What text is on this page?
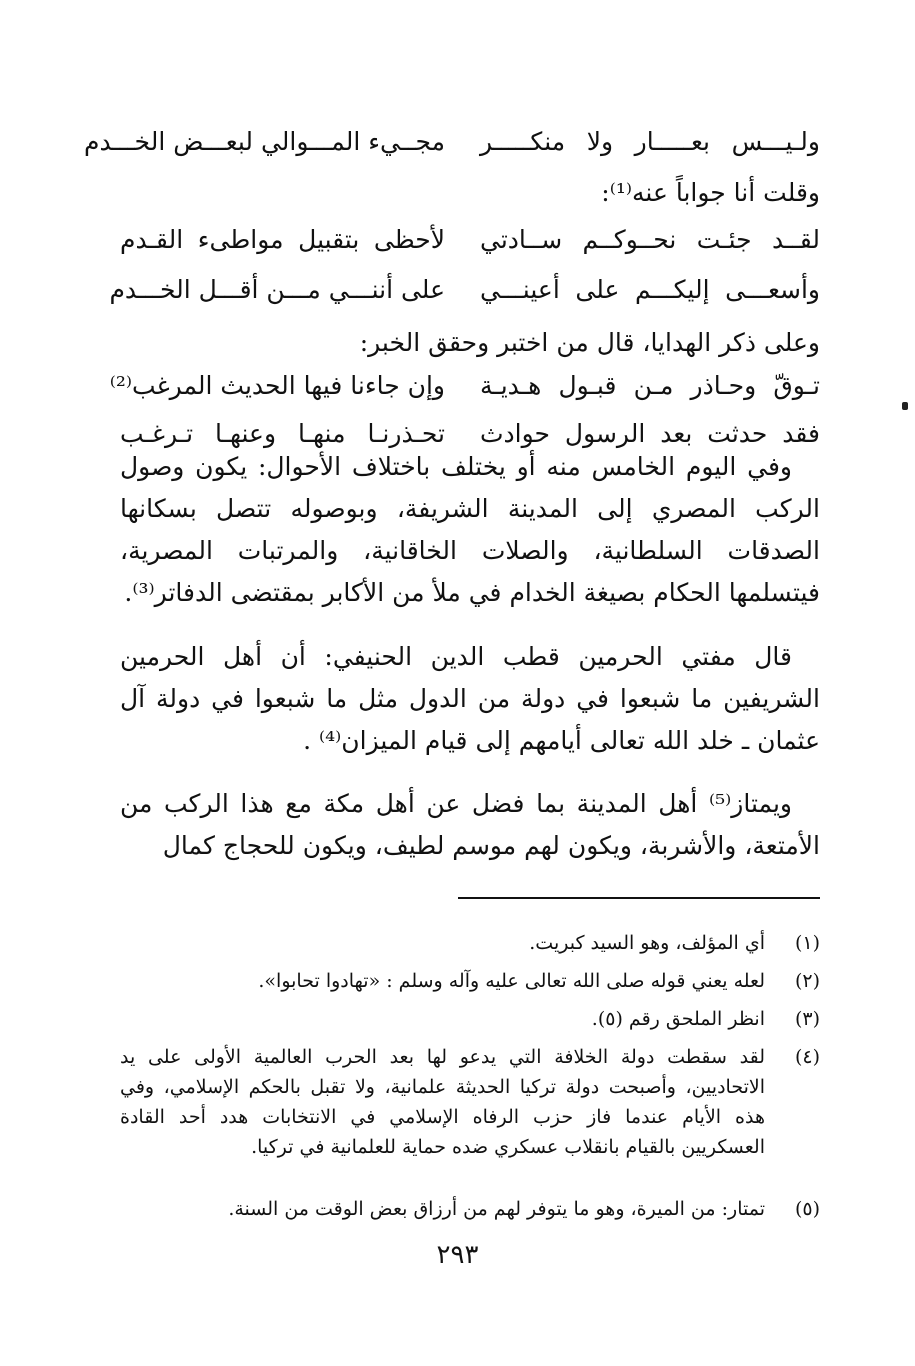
ولـيـــس بعـــــار ولا منكـــــر
مجــيء المـــوالي لبعـــض الخـــدم
وقلت أنا جواباً عنه⁽¹⁾:
لقــد جئـت نحــوكــم ســادتي
لأحظى بتقبيل مواطىء القـدم
وأسعـــى إليكـــم على أعينـــي
على أننـــي مـــن أقـــل الخـــدم
وعلى ذكر الهدايا، قال من اختبر وحقق الخبر:
تـوقّ وحـاذر مـن قبـول هـديـة
وإن جاءنا فيها الحديث المرغب⁽²⁾
فقد حدثت بعد الرسول حوادث
تحـذرنـا منهـا وعنهـا تـرغـب

وفي اليوم الخامس منه أو يختلف باختلاف الأحوال: يكون وصول الركب المصري إلى المدينة الشريفة، وبوصوله تتصل بسكانها الصدقات السلطانية، والصلات الخاقانية، والمرتبات المصرية، فيتسلمها الحكام بصيغة الخدام في ملأ من الأكابر بمقتضى الدفاتر⁽³⁾.

قال مفتي الحرمين قطب الدين الحنيفي: أن أهل الحرمين الشريفين ما شبعوا في دولة من الدول مثل ما شبعوا في دولة آل عثمان ـ خلد الله تعالى أيامهم إلى قيام الميزان⁽⁴⁾ .

ويمتاز⁽⁵⁾ أهل المدينة بما فضل عن أهل مكة مع هذا الركب من الأمتعة، والأشربة، ويكون لهم موسم لطيف، ويكون للحجاج كمال

(١)
أي المؤلف، وهو السيد كبريت.
(٢)
لعله يعني قوله صلى الله تعالى عليه وآله وسلم : «تهادوا تحابوا».
(٣)
انظر الملحق رقم (٥).
(٤)
لقد سقطت دولة الخلافة التي يدعو لها بعد الحرب العالمية الأولى على يد الاتحاديين، وأصبحت دولة تركيا الحديثة علمانية، ولا تقبل بالحكم الإسلامي، وفي هذه الأيام عندما فاز حزب الرفاه الإسلامي في الانتخابات هدد أحد القادة العسكريين بالقيام بانقلاب عسكري ضده حماية للعلمانية في تركيا.
(٥)
تمتار: من الميرة، وهو ما يتوفر لهم من أرزاق بعض الوقت من السنة.
٢٩٣
